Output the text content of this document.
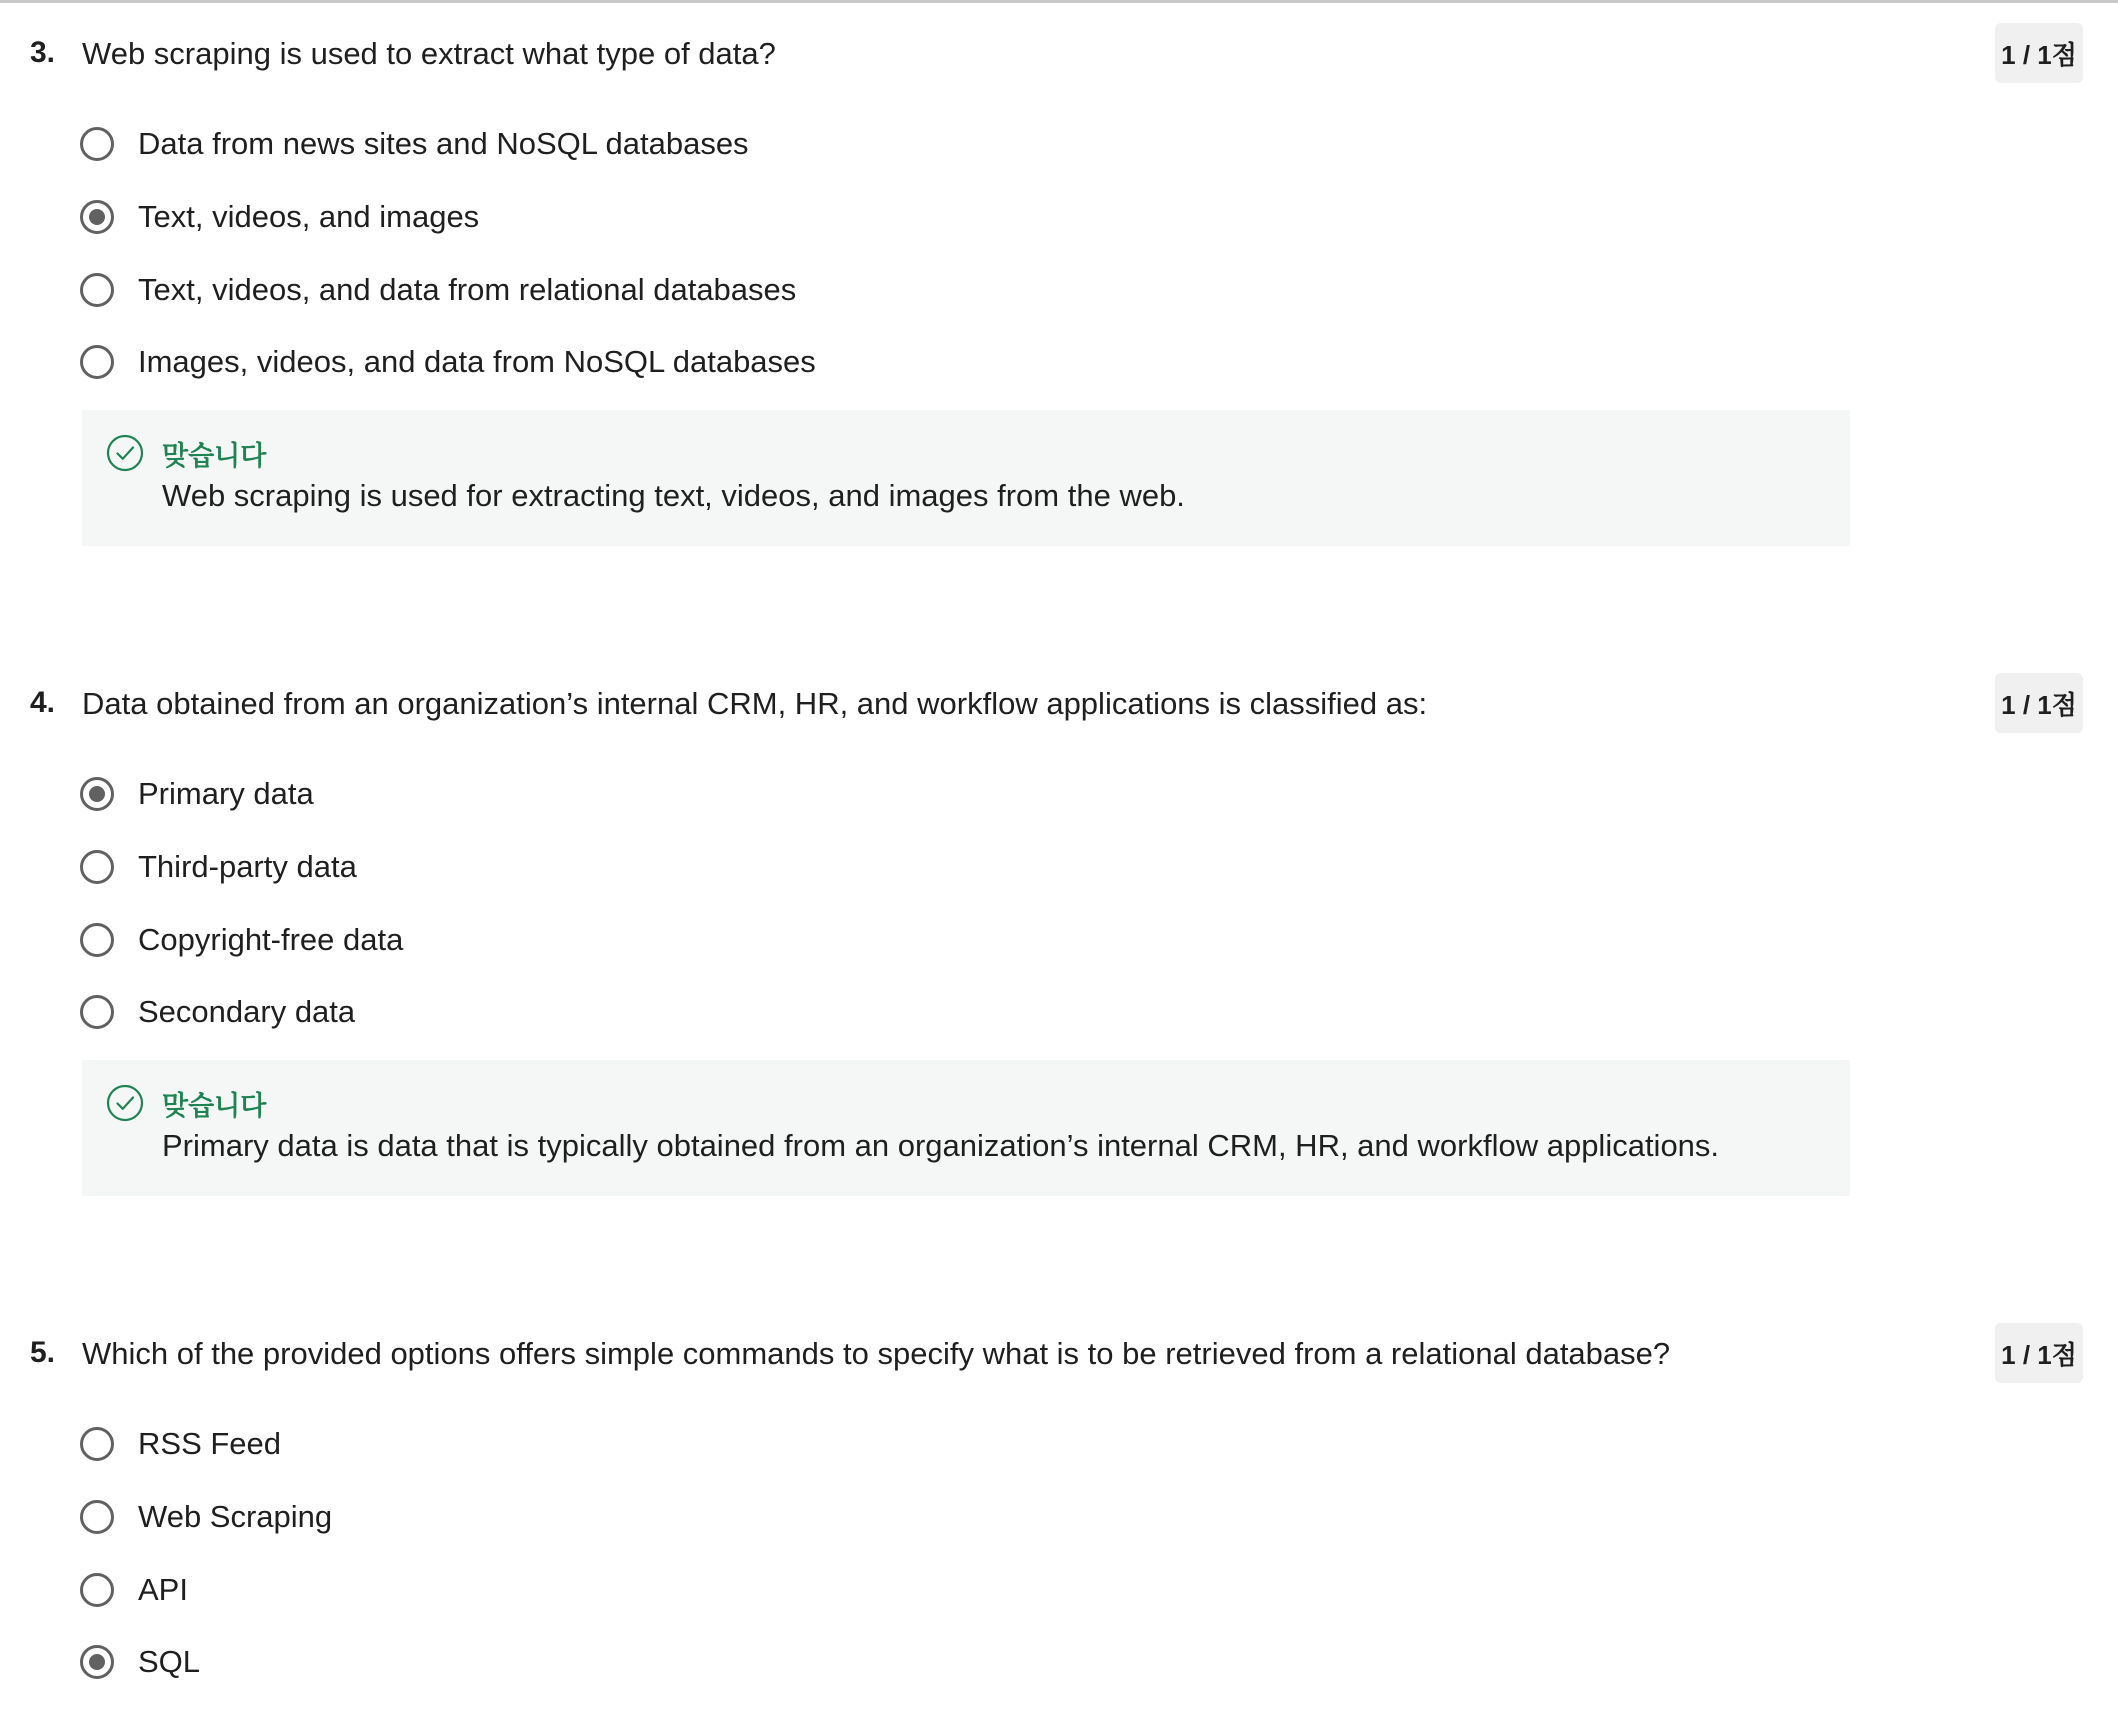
3. Web scraping is used to extract what type of data?	1 / 1점
Data from news sites and NoSQL databases
Text, videos, and images
Text, videos, and data from relational databases
Images, videos, and data from NoSQL databases
맞습니다
Web scraping is used for extracting text, videos, and images from the web.
4. Data obtained from an organization’s internal CRM, HR, and workflow applications is classified as:	1 / 1점
Primary data
Third-party data
Copyright-free data
Secondary data
맞습니다
Primary data is data that is typically obtained from an organization’s internal CRM, HR, and workflow applications.
5. Which of the provided options offers simple commands to specify what is to be retrieved from a relational database?	1 / 1점
RSS Feed
Web Scraping
API
SQL
